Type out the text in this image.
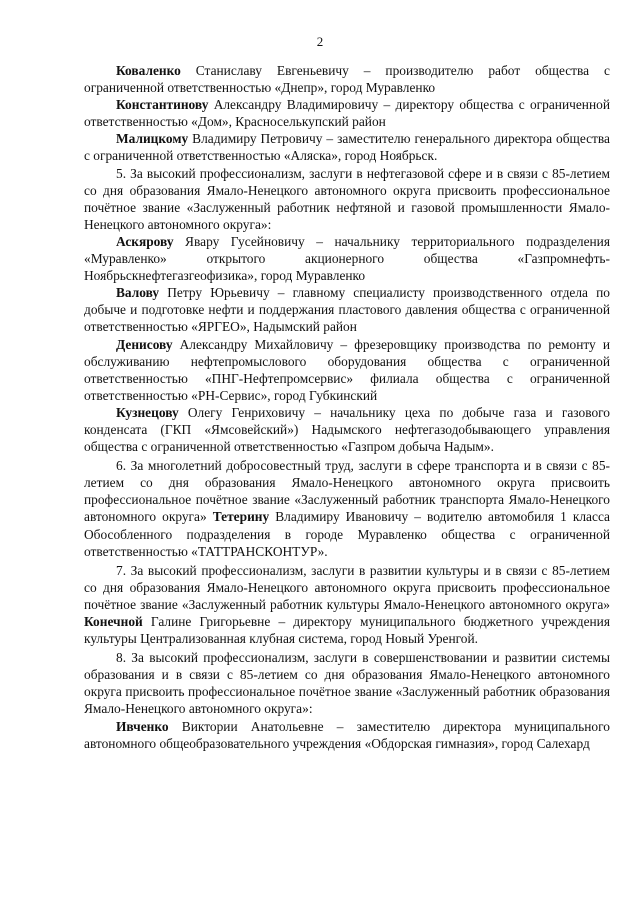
2

Коваленко Станиславу Евгеньевичу – производителю работ общества с ограниченной ответственностью «Днепр», город Муравленко

Константинову Александру Владимировичу – директору общества с ограниченной ответственностью «Дом», Красноселькупский район

Малицкому Владимиру Петровичу – заместителю генерального директора общества с ограниченной ответственностью «Аляска», город Ноябрьск.

5. За высокий профессионализм, заслуги в нефтегазовой сфере и в связи с 85-летием со дня образования Ямало-Ненецкого автономного округа присвоить профессиональное почётное звание «Заслуженный работник нефтяной и газовой промышленности Ямало-Ненецкого автономного округа»:

Аскярову Явару Гусейновичу – начальнику территориального подразделения «Муравленко» открытого акционерного общества «Газпромнефть-Ноябрьскнефтегазгеофизика», город Муравленко

Валову Петру Юрьевичу – главному специалисту производственного отдела по добыче и подготовке нефти и поддержания пластового давления общества с ограниченной ответственностью «ЯРГЕО», Надымский район

Денисову Александру Михайловичу – фрезеровщику производства по ремонту и обслуживанию нефтепромыслового оборудования общества с ограниченной ответственностью «ПНГ-Нефтепромсервис» филиала общества с ограниченной ответственностью «РН-Сервис», город Губкинский

Кузнецову Олегу Генриховичу – начальнику цеха по добыче газа и газового конденсата (ГКП «Ямсовейский») Надымского нефтегазодобывающего управления общества с ограниченной ответственностью «Газпром добыча Надым».

6. За многолетний добросовестный труд, заслуги в сфере транспорта и в связи с 85-летием со дня образования Ямало-Ненецкого автономного округа присвоить профессиональное почётное звание «Заслуженный работник транспорта Ямало-Ненецкого автономного округа» Тетерину Владимиру Ивановичу – водителю автомобиля 1 класса Обособленного подразделения в городе Муравленко общества с ограниченной ответственностью «ТАТТРАНСКОНТУР».

7. За высокий профессионализм, заслуги в развитии культуры и в связи с 85-летием со дня образования Ямало-Ненецкого автономного округа присвоить профессиональное почётное звание «Заслуженный работник культуры Ямало-Ненецкого автономного округа» Конечной Галине Григорьевне – директору муниципального бюджетного учреждения культуры Централизованная клубная система, город Новый Уренгой.

8. За высокий профессионализм, заслуги в совершенствовании и развитии системы образования и в связи с 85-летием со дня образования Ямало-Ненецкого автономного округа присвоить профессиональное почётное звание «Заслуженный работник образования Ямало-Ненецкого автономного округа»:

Ивченко Виктории Анатольевне – заместителю директора муниципального автономного общеобразовательного учреждения «Обдорская гимназия», город Салехард
